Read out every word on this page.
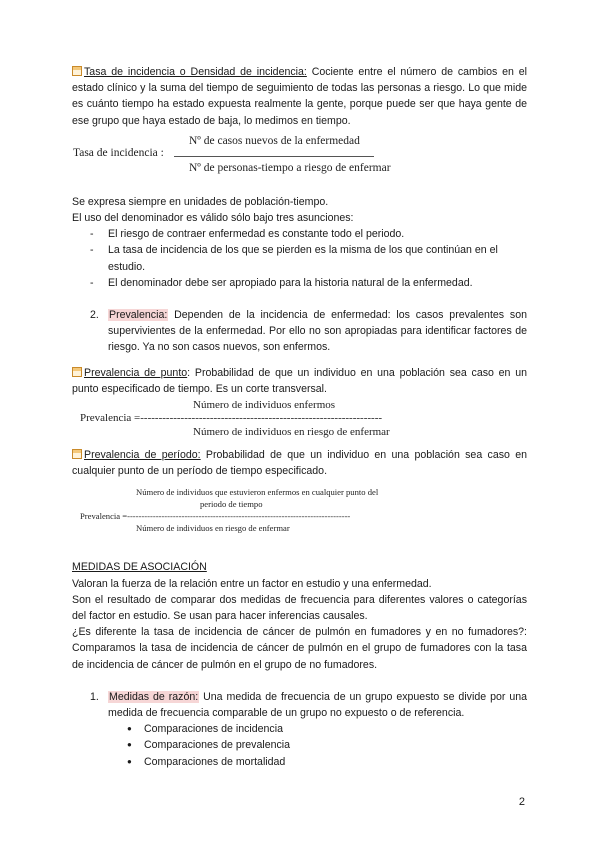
Tasa de incidencia o Densidad de incidencia: Cociente entre el número de cambios en el estado clínico y la suma del tiempo de seguimiento de todas las personas a riesgo. Lo que mide es cuánto tiempo ha estado expuesta realmente la gente, porque puede ser que haya gente de ese grupo que haya estado de baja, lo medimos en tiempo.

Nº de casos nuevos de la enfermedad
Tasa de incidencia :
Nº de personas-tiempo a riesgo de enfermar

Se expresa siempre en unidades de población-tiempo.

El uso del denominador es válido sólo bajo tres asunciones:

- El riesgo de contraer enfermedad es constante todo el periodo.
- La tasa de incidencia de los que se pierden es la misma de los que continúan en el estudio.
- El denominador debe ser apropiado para la historia natural de la enfermedad.
2. Prevalencia: Dependen de la incidencia de enfermedad: los casos prevalentes son supervivientes de la enfermedad. Por ello no son apropiadas para identificar factores de riesgo. Ya no son casos nuevos, son enfermos.

Prevalencia de punto: Probabilidad de que un individuo en una población sea caso en un punto especificado de tiempo. Es un corte transversal.

Número de individuos enfermos
Prevalencia =------------------------------------------------------------------
Número de individuos en riesgo de enfermar

Prevalencia de período: Probabilidad de que un individuo en una población sea caso en cualquier punto de un período de tiempo especificado.

Número de individuos que estuvieron enfermos en cualquier punto del
periodo de tiempo
Prevalencia =------------------------------------------------------------------------------
Número de individuos en riesgo de enfermar

MEDIDAS DE ASOCIACIÓN

Valoran la fuerza de la relación entre un factor en estudio y una enfermedad.

Son el resultado de comparar dos medidas de frecuencia para diferentes valores o categorías del factor en estudio. Se usan para hacer inferencias causales.

¿Es diferente la tasa de incidencia de cáncer de pulmón en fumadores y en no fumadores?: Comparamos la tasa de incidencia de cáncer de pulmón en el grupo de fumadores con la tasa de incidencia de cáncer de pulmón en el grupo de no fumadores.

1. Medidas de razón: Una medida de frecuencia de un grupo expuesto se divide por una medida de frecuencia comparable de un grupo no expuesto o de referencia.
● Comparaciones de incidencia
● Comparaciones de prevalencia
● Comparaciones de mortalidad
2
